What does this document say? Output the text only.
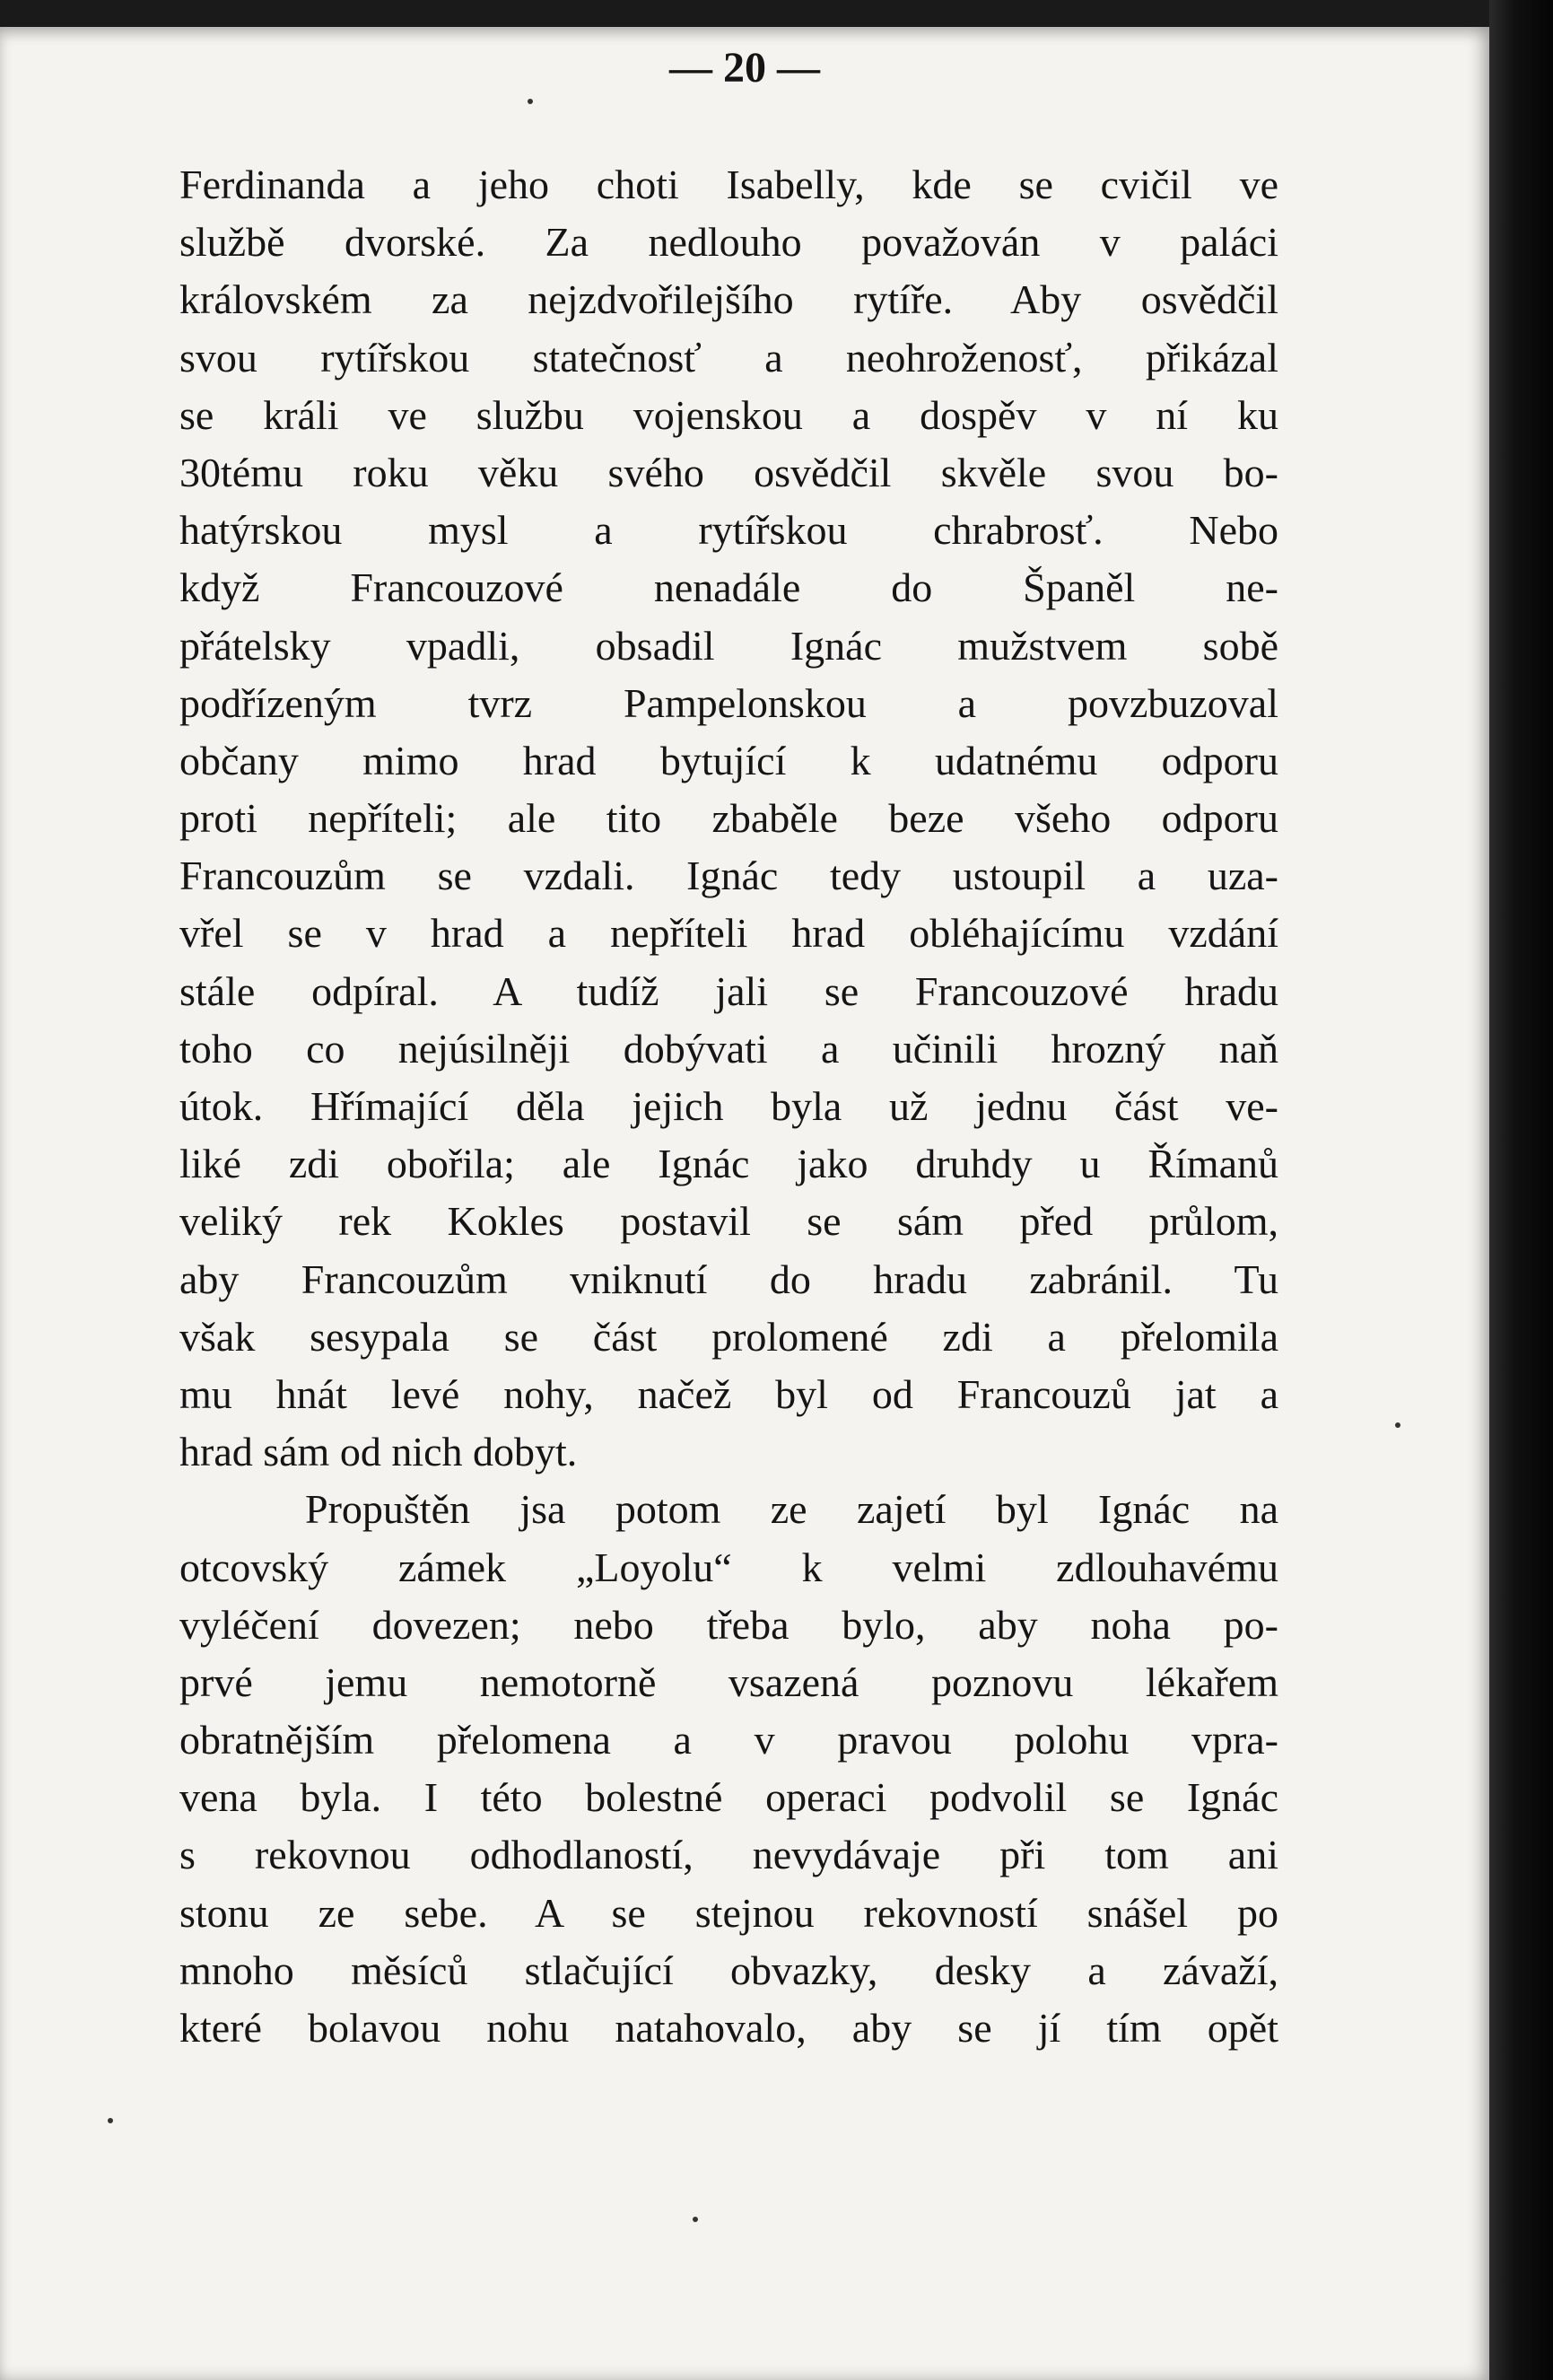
— 20 —
Ferdinanda a jeho choti Isabelly, kde se cvičil ve
službě dvorské. Za nedlouho považován v paláci
královském za nejzdvořilejšího rytíře. Aby osvědčil
svou rytířskou statečnosť a neohroženosť, přikázal
se králi ve službu vojenskou a dospěv v ní ku
30tému roku věku svého osvědčil skvěle svou bo-
hatýrskou mysl a rytířskou chrabrosť. Nebo
když Francouzové nenadále do Španěl ne-
přátelsky vpadli, obsadil Ignác mužstvem sobě
podřízeným tvrz Pampelonskou a povzbuzoval
občany mimo hrad bytující k udatnému odporu
proti nepříteli; ale tito zbaběle beze všeho odporu
Francouzům se vzdali. Ignác tedy ustoupil a uza-
vřel se v hrad a nepříteli hrad obléhajícímu vzdání
stále odpíral. A tudíž jali se Francouzové hradu
toho co nejúsilněji dobývati a učinili hrozný naň
útok. Hřímající děla jejich byla už jednu část ve-
liké zdi obořila; ale Ignác jako druhdy u Římanů
veliký rek Kokles postavil se sám před průlom,
aby Francouzům vniknutí do hradu zabránil. Tu
však sesypala se část prolomené zdi a přelomila
mu hnát levé nohy, načež byl od Francouzů jat a
hrad sám od nich dobyt.
Propuštěn jsa potom ze zajetí byl Ignác na
otcovský zámek „Loyolu“ k velmi zdlouhavému
vyléčení dovezen; nebo třeba bylo, aby noha po-
prvé jemu nemotorně vsazená poznovu lékařem
obratnějším přelomena a v pravou polohu vpra-
vena byla. I této bolestné operaci podvolil se Ignác
s rekovnou odhodlaností, nevydávaje při tom ani
stonu ze sebe. A se stejnou rekovností snášel po
mnoho měsíců stlačující obvazky, desky a závaží,
které bolavou nohu natahovalo, aby se jí tím opět
